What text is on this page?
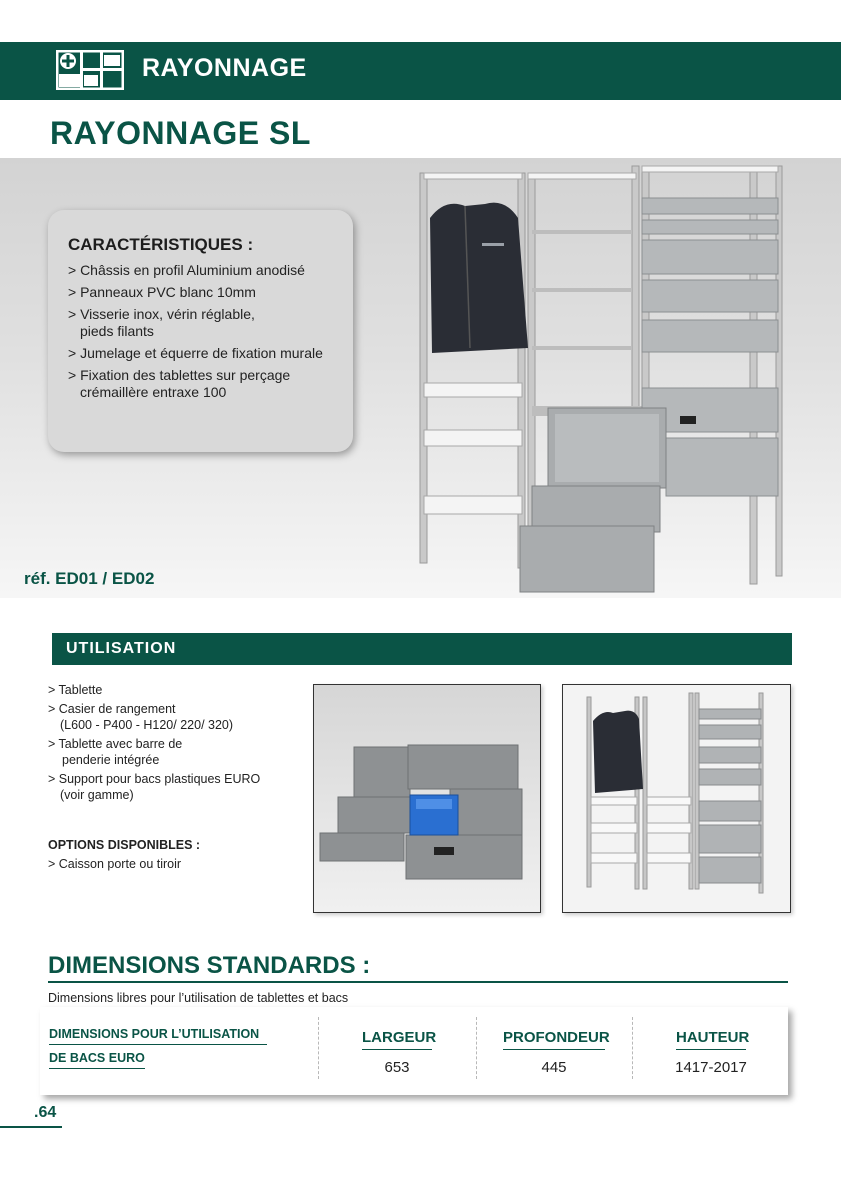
RAYONNAGE
RAYONNAGE SL
CARACTÉRISTIQUES :
> Châssis en profil Aluminium anodisé
> Panneaux PVC blanc 10mm
> Visserie inox, vérin réglable,
pieds filants
> Jumelage et équerre de fixation murale
> Fixation des tablettes sur perçage
crémaillère entraxe 100
réf. ED01 / ED02
UTILISATION
> Tablette
> Casier de rangement
(L600 - P400 - H120/ 220/ 320)
> Tablette avec barre de
penderie intégrée
> Support pour bacs plastiques EURO
(voir gamme)
OPTIONS DISPONIBLES :
> Caisson porte ou tiroir
DIMENSIONS STANDARDS :
Dimensions libres pour l’utilisation de tablettes et bacs
DIMENSIONS POUR L’UTILISATION
DE BACS EURO
LARGEUR
653
PROFONDEUR
445
HAUTEUR
1417-2017
.64
